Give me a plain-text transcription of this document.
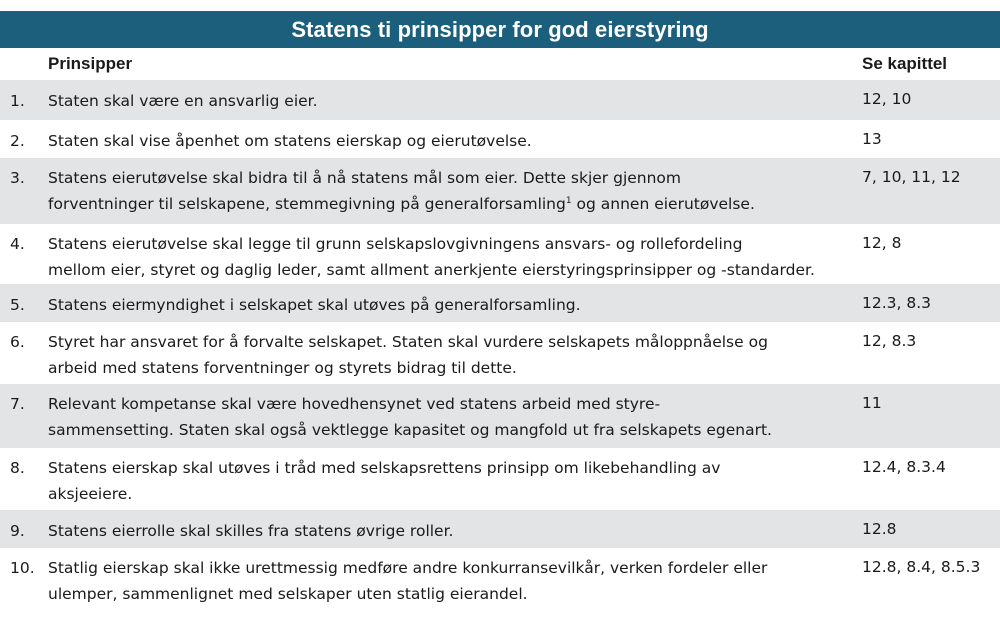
Statens ti prinsipper for god eierstyring
Prinsipper	Se kapittel
1.	Staten skal være en ansvarlig eier.	12, 10
2.	Staten skal vise åpenhet om statens eierskap og eierutøvelse.	13
3.	Statens eierutøvelse skal bidra til å nå statens mål som eier. Dette skjer gjennom
forventninger til selskapene, stemmegivning på generalforsamling$^1$ og annen eierutøvelse.
7, 10, 11, 12
4.	Statens eierutøvelse skal legge til grunn selskapslovgivningens ansvars- og rollefordeling
mellom eier, styret og daglig leder, samt allment anerkjente eierstyringsprinsipper og -standarder.
12, 8
5.	Statens eiermyndighet i selskapet skal utøves på generalforsamling.	12.3, 8.3
6.	Styret har ansvaret for å forvalte selskapet. Staten skal vurdere selskapets måloppnåelse og
arbeid med statens forventninger og styrets bidrag til dette.
12, 8.3
7.	Relevant kompetanse skal være hovedhensynet ved statens arbeid med styre-
sammensetting. Staten skal også vektlegge kapasitet og mangfold ut fra selskapets egenart.
11
8.	Statens eierskap skal utøves i tråd med selskapsrettens prinsipp om likebehandling av
aksjeeiere.
12.4, 8.3.4
9.	Statens eierrolle skal skilles fra statens øvrige roller.	12.8
10. Statlig eierskap skal ikke urettmessig medføre andre konkurransevilkår, verken fordeler eller
ulemper, sammenlignet med selskaper uten statlig eierandel.
12.8, 8.4, 8.5.3
